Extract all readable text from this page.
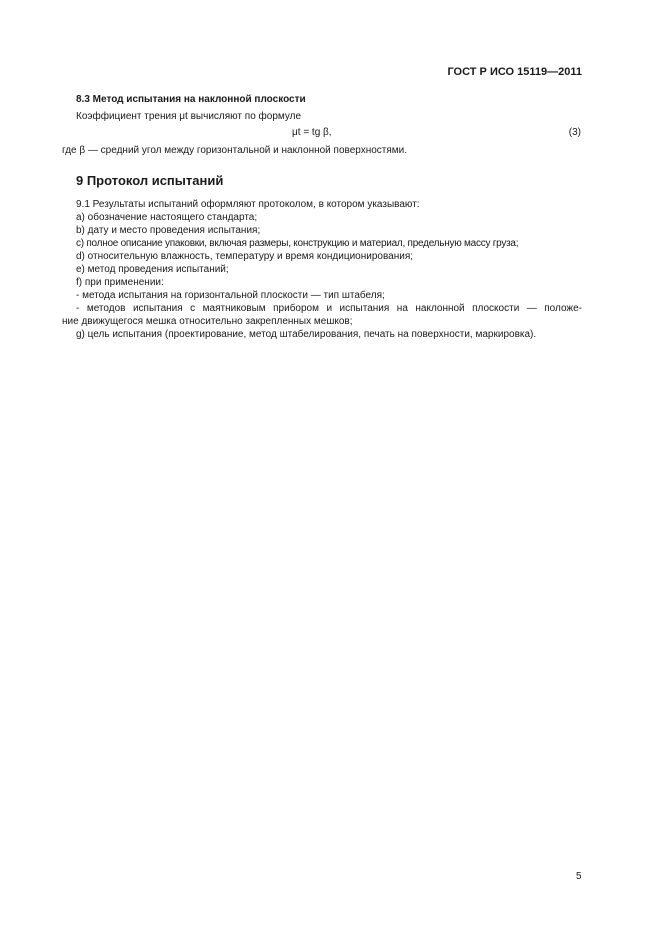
ГОСТ Р ИСО 15119—2011
8.3 Метод испытания на наклонной плоскости
Коэффициент трения μt вычисляют по формуле
μt = tg β,	(3)
где β — средний угол между горизонтальной и наклонной поверхностями.
9 Протокол испытаний
9.1 Результаты испытаний оформляют протоколом, в котором указывают:
a) обозначение настоящего стандарта;
b) дату и место проведения испытания;
c) полное описание упаковки, включая размеры, конструкцию и материал, предельную массу груза;
d) относительную влажность, температуру и время кондиционирования;
e) метод проведения испытаний;
f) при применении:
- метода испытания на горизонтальной плоскости — тип штабеля;
- методов испытания с маятниковым прибором и испытания на наклонной плоскости — положе-
ние движущегося мешка относительно закрепленных мешков;
g) цель испытания (проектирование, метод штабелирования, печать на поверхности, маркировка).
5
